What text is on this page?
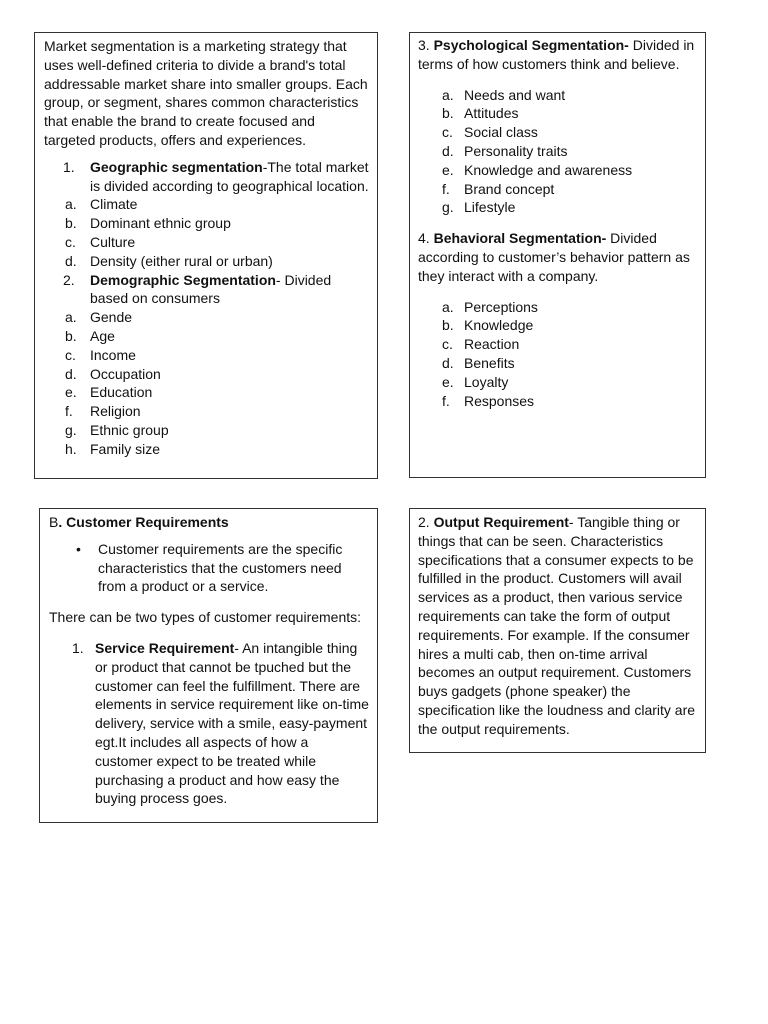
Market segmentation is a marketing strategy that uses well-defined criteria to divide a brand's total addressable market share into smaller groups. Each group, or segment, shares common characteristics that enable the brand to create focused and targeted products, offers and experiences.

1.	Geographic segmentation-The total market is divided according to geographical location.
a. Climate
b. Dominant ethnic group
c.	Culture
d. Density (either rural or urban)
2.	Demographic Segmentation- Divided based on consumers
a. Gende
b. Age
c.	Income
d. Occupation
e. Education
f.	Religion
g. Ethnic group
h. Family size

3. Psychological Segmentation- Divided in terms of how customers think and believe.

a. Needs and want
b. Attitudes
c. Social class
d. Personality traits
e. Knowledge and awareness
f.	Brand concept
g. Lifestyle

4. Behavioral Segmentation- Divided according to customer’s behavior pattern as they interact with a company.

a. Perceptions
b. Knowledge
c. Reaction
d. Benefits
e. Loyalty
f.	Responses

B. Customer Requirements

•	Customer requirements are the specific characteristics that the customers need from a product or a service.

There can be two types of customer requirements:

1. Service Requirement- An intangible thing or product that cannot be tpuched but the customer can feel the fulfillment. There are elements in service requirement like on-time delivery, service with a smile, easy-payment egt.It includes all aspects of how a customer expect to be treated while purchasing a product and how easy the buying process goes.

2. Output Requirement- Tangible thing or things that can be seen. Characteristics specifications that a consumer expects to be fulfilled in the product. Customers will avail services as a product, then various service requirements can take the form of output requirements. For example. If the consumer hires a multi cab, then on-time arrival becomes an output requirement. Customers buys gadgets (phone speaker) the specification like the loudness and clarity are the output requirements.
